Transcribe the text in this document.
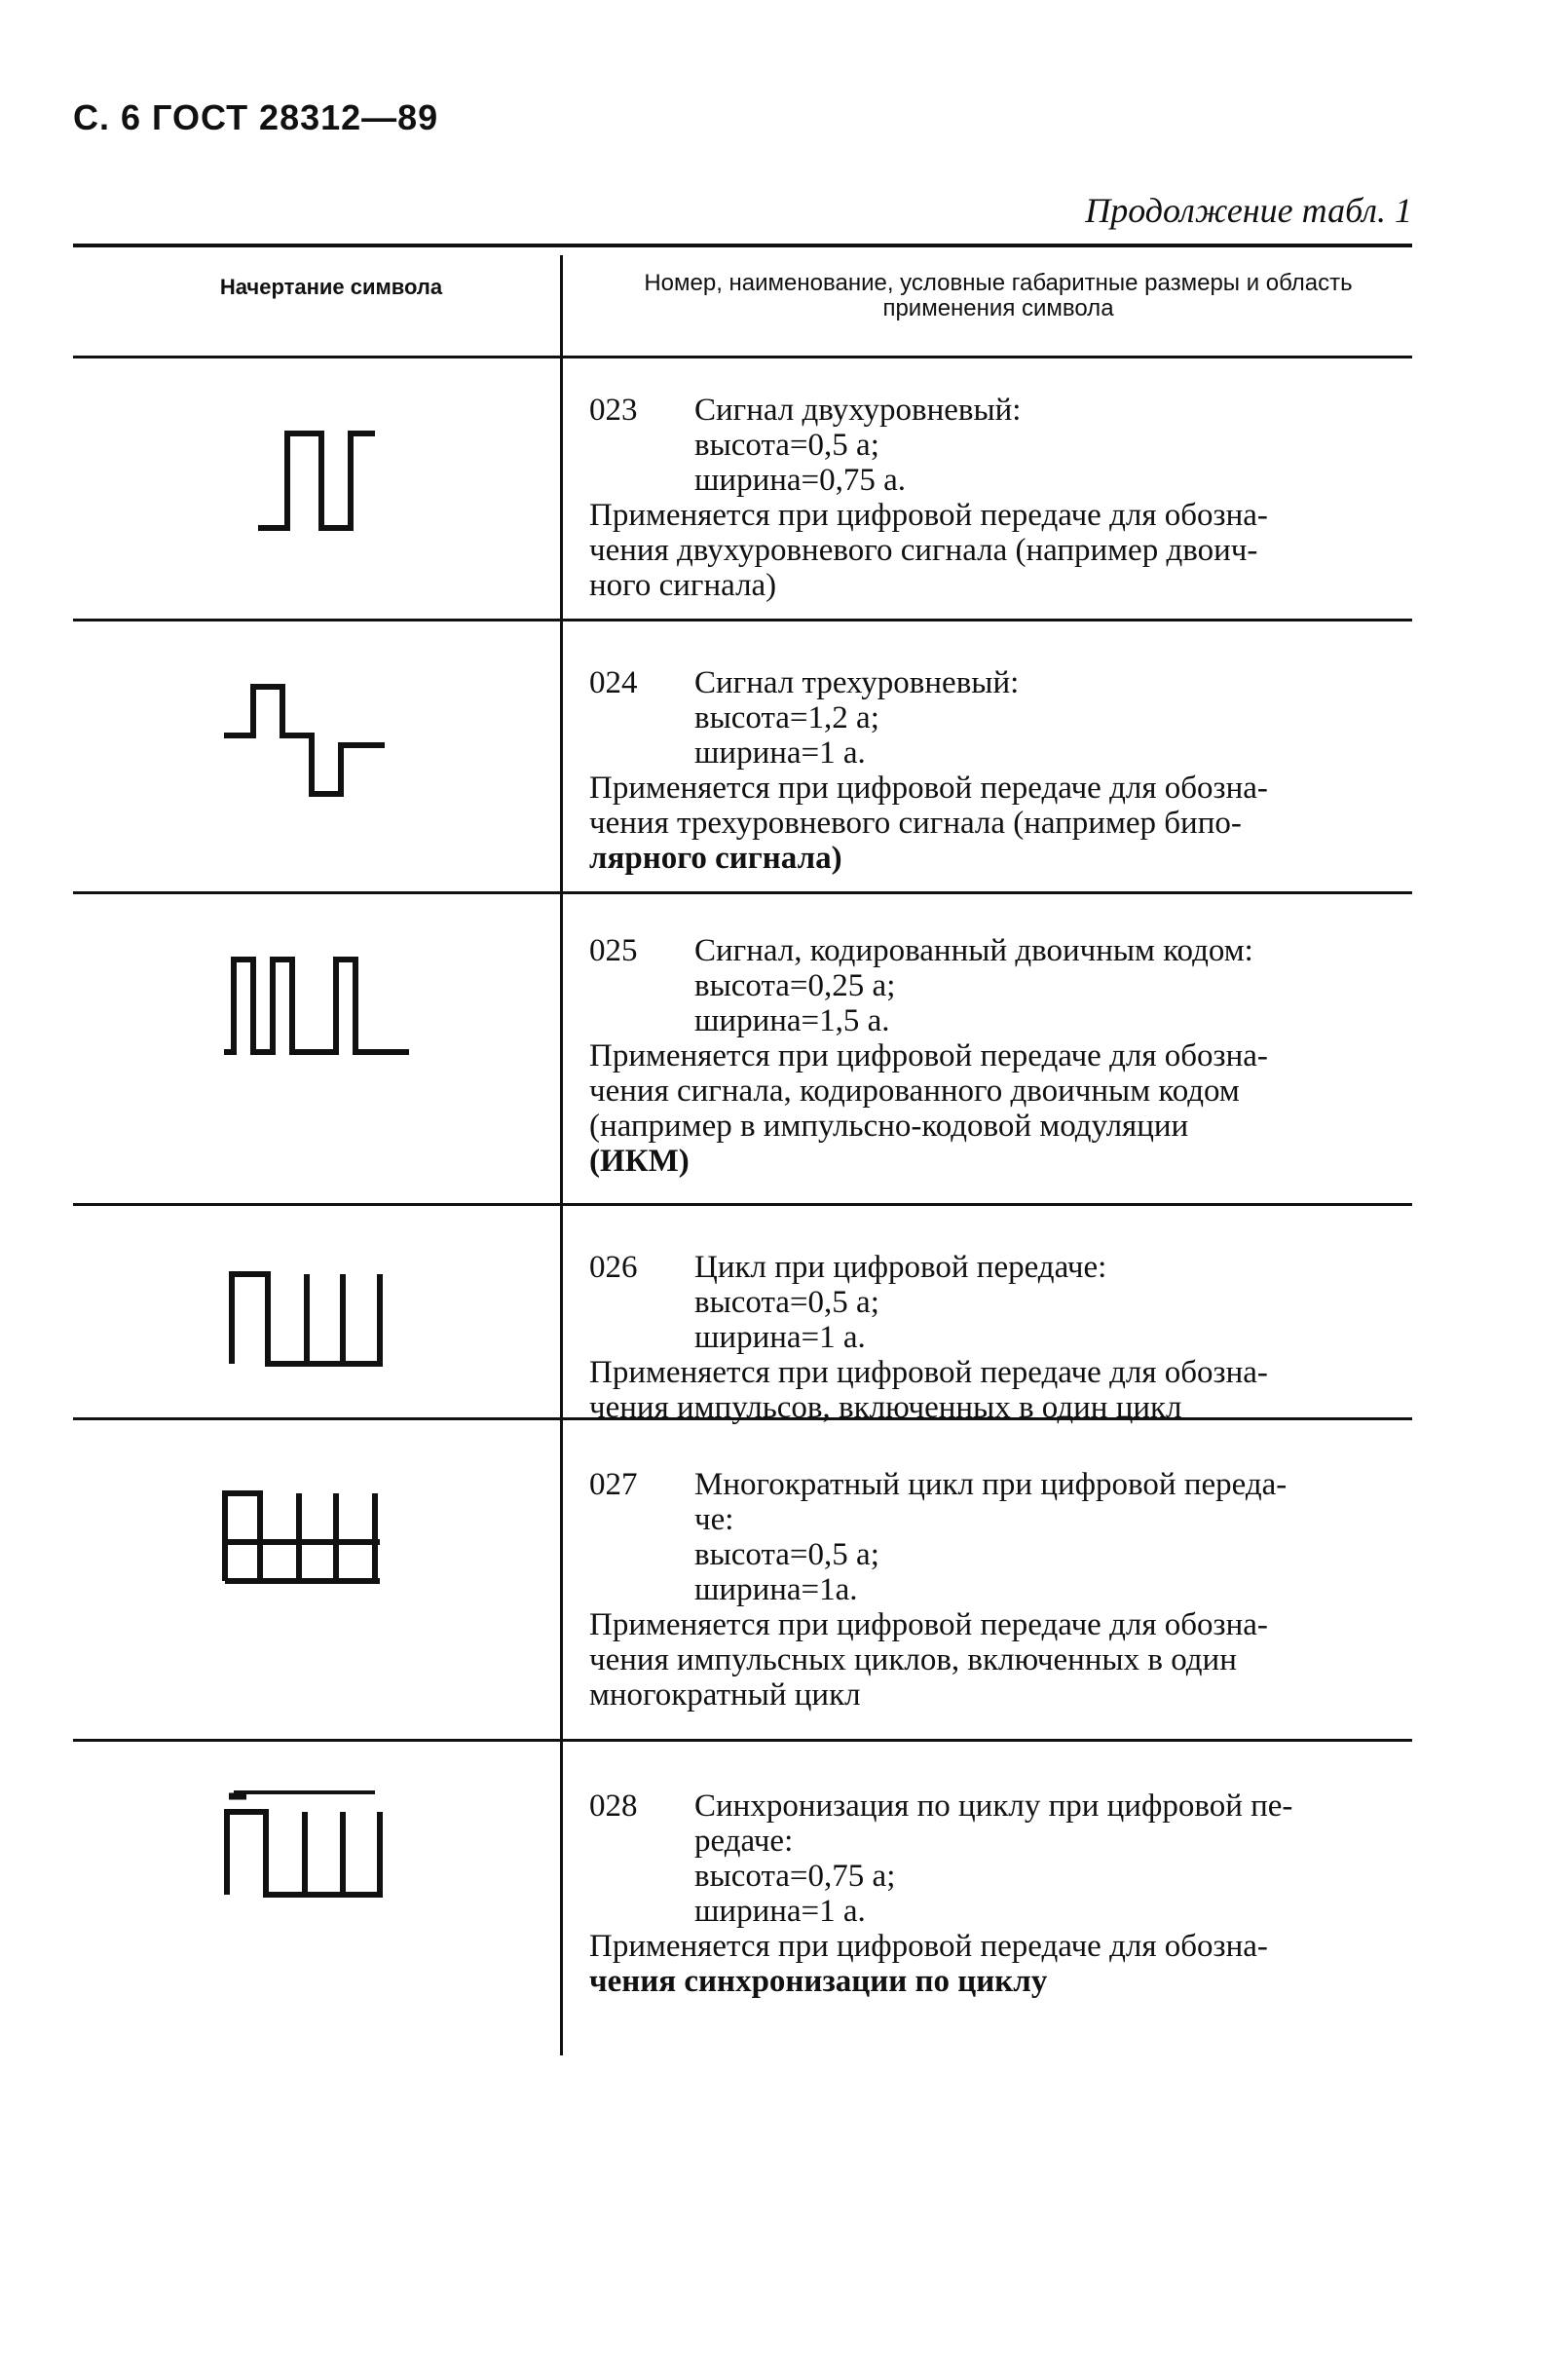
С. 6 ГОСТ 28312—89
Продолжение табл. 1
Начертание символа	Номер, наименование, условные габаритные размеры и область применения символа
023	Сигнал двухуровневый:
высота=0,5 a;
ширина=0,75 a.
Применяется при цифровой передаче для обозна-
чения двухуровневого сигнала (например двоич-
ного сигнала)
024	Сигнал трехуровневый:
высота=1,2 a;
ширина=1 a.
Применяется при цифровой передаче для обозна-
чения трехуровневого сигнала (например бипо-
лярного сигнала)
025	Сигнал, кодированный двоичным кодом:
высота=0,25 a;
ширина=1,5 a.
Применяется при цифровой передаче для обозна-
чения сигнала, кодированного двоичным кодом
(например в импульсно-кодовой модуляции
(ИКМ)
026	Цикл при цифровой передаче:
высота=0,5 a;
ширина=1 a.
Применяется при цифровой передаче для обозна-
чения импульсов, включенных в один цикл
027	Многократный цикл при цифровой переда-
че:
высота=0,5 a;
ширина=1a.
Применяется при цифровой передаче для обозна-
чения импульсных циклов, включенных в один
многократный цикл
028	Синхронизация по циклу при цифровой пе-
редаче:
высота=0,75 a;
ширина=1 a.
Применяется при цифровой передаче для обозна-
чения синхронизации по циклу
